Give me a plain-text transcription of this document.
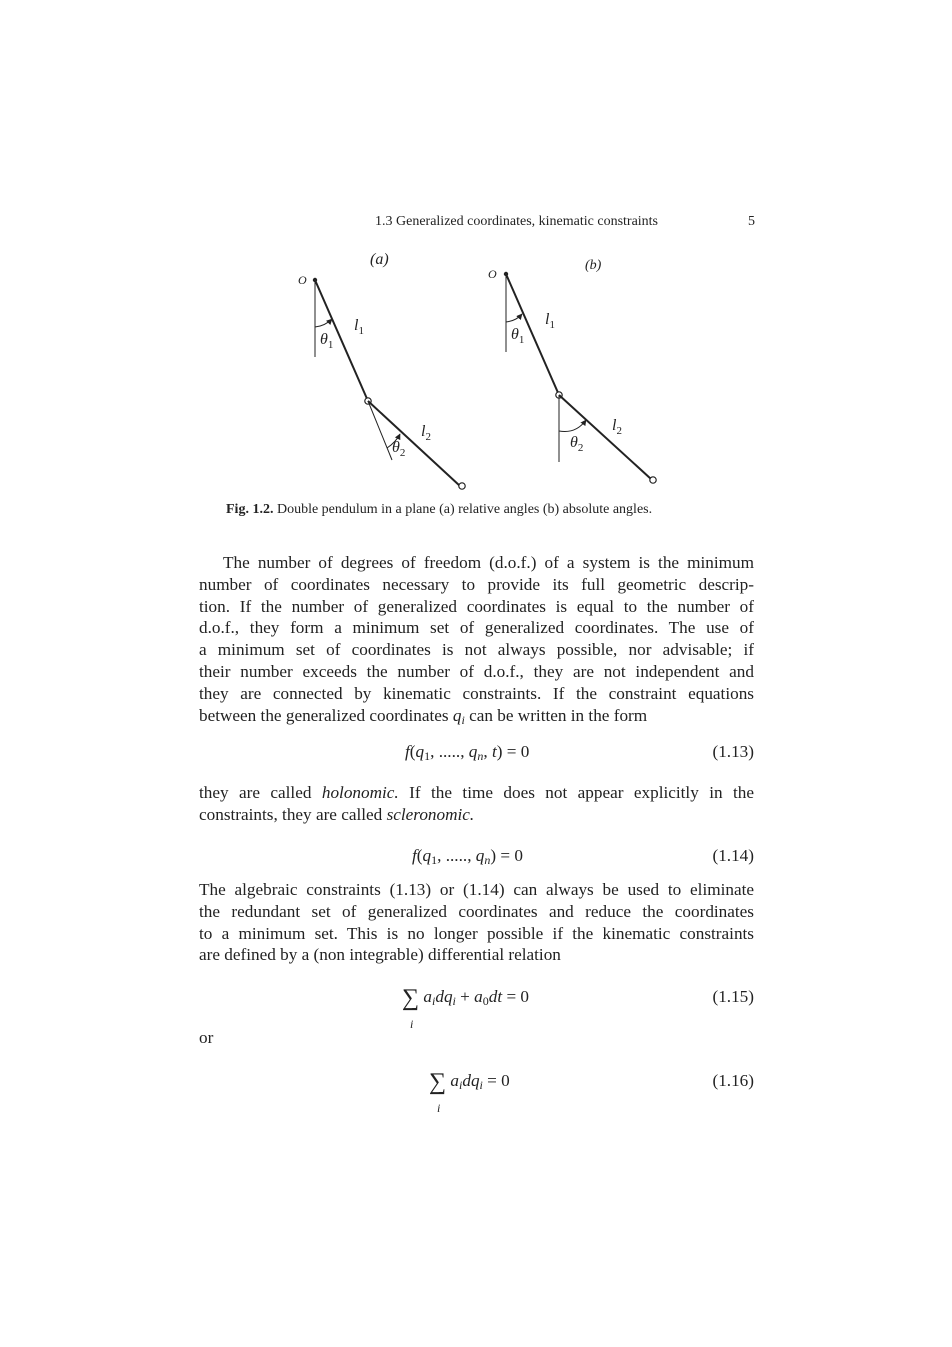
1.3 Generalized coordinates, kinematic constraints	5
(a)
O
$\theta_1$
$l_1$
$\theta_2$
$l_2$
(b)
O
$\theta_1$
$l_1$
$\theta_2$
$l_2$
Fig. 1.2. Double pendulum in a plane (a) relative angles (b) absolute angles.
The number of degrees of freedom (d.o.f.) of a system is the minimum
number of coordinates necessary to provide its full geometric descrip-
tion. If the number of generalized coordinates is equal to the number of
d.o.f., they form a minimum set of generalized coordinates. The use of
a minimum set of coordinates is not always possible, nor advisable; if
their number exceeds the number of d.o.f., they are not independent and
they are connected by kinematic constraints. If the constraint equations
between the generalized coordinates $q_i$ can be written in the form
$f(q_1$, ....., $q_n$, t) = 0	(1.13)
they are called holonomic. If the time does not appear explicitly in the
constraints, they are called scleronomic.
$f(q_1$, ....., $q_n) = 0$	(1.14)
The algebraic constraints (1.13) or (1.14) can always be used to eliminate
the redundant set of generalized coordinates and reduce the coordinates
to a minimum set. This is no longer possible if the kinematic constraints
are defined by a (non integrable) differential relation
∑
i
$a_idq_i + a_0dt = 0$	(1.15)
or
∑
i
$a_idq_i = 0$	(1.16)
